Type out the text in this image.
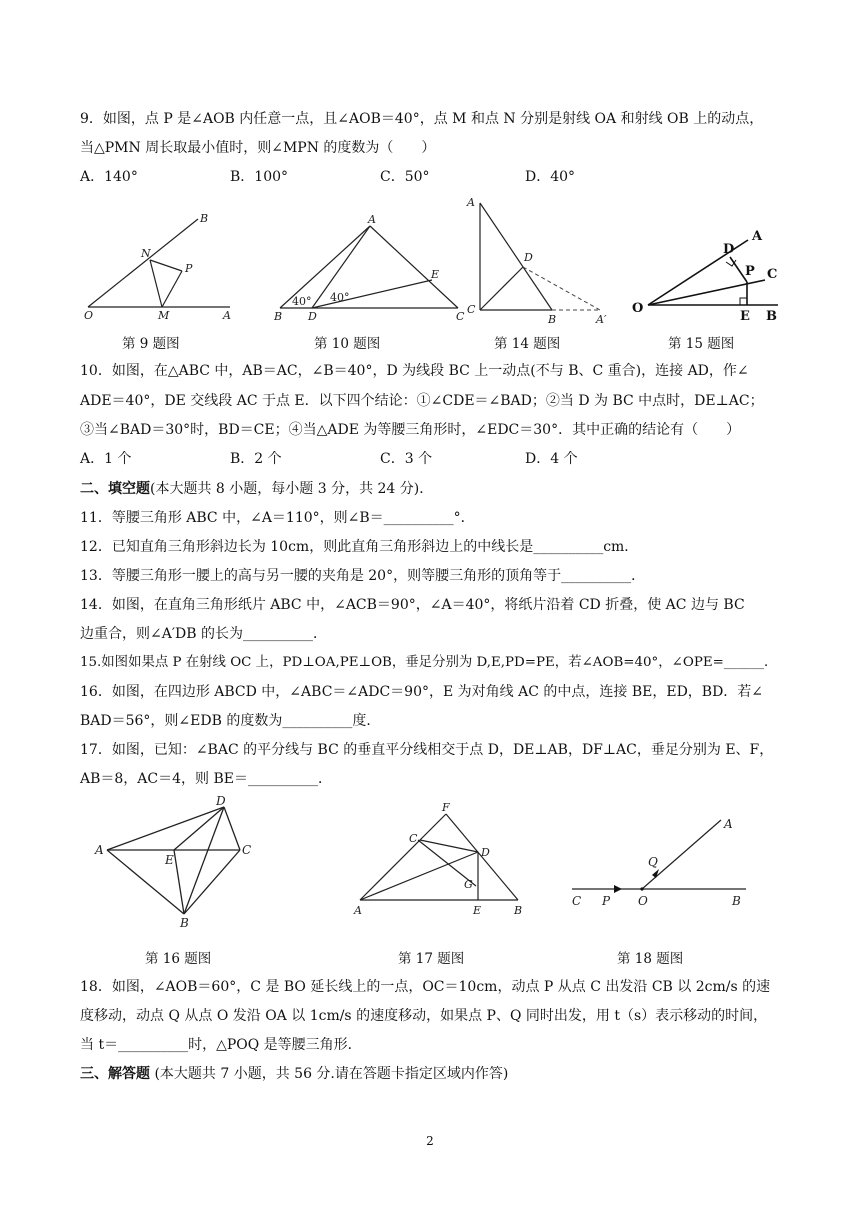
9．如图，点 P 是∠AOB 内任意一点，且∠AOB＝40°，点 M 和点 N 分别是射线 OA 和射线 OB 上的动点，
当△PMN 周长取最小值时，则∠MPN 的度数为（　　）
A．140°	B．100°	C．50°	D．40°
B
N
P
O	M	A
A
E
40° 40°
B D	C
A
D
C
B	A′
A
D
P C
O
E B
第 9 题图	第 10 题图	第 14 题图	第 15 题图
10．如图，在△ABC 中，AB＝AC，∠B＝40°，D 为线段 BC 上一动点(不与 B、C 重合)，连接 AD，作∠
ADE＝40°，DE 交线段 AC 于点 E．以下四个结论：①∠CDE＝∠BAD；②当 D 为 BC 中点时，DE⊥AC；
③当∠BAD＝30°时，BD＝CE；④当△ADE 为等腰三角形时，∠EDC＝30°．其中正确的结论有（　　）
A．1 个	B．2 个	C．3 个	D．4 个
二、填空题(本大题共 8 小题，每小题 3 分，共 24 分)．
11．等腰三角形 ABC 中，∠A＝110°，则∠B＝__________°．
12．已知直角三角形斜边长为 10cm，则此直角三角形斜边上的中线长是__________cm．
13．等腰三角形一腰上的高与另一腰的夹角是 20°，则等腰三角形的顶角等于__________．
14．如图，在直角三角形纸片 ABC 中，∠ACB＝90°，∠A＝40°，将纸片沿着 CD 折叠，使 AC 边与 BC
边重合，则∠A′DB 的长为__________．
15.如图如果点 P 在射线 OC 上，PD⊥OA,PE⊥OB，垂足分别为 D,E,PD=PE，若∠AOB=40°，∠OPE=______．
16．如图，在四边形 ABCD 中，∠ABC＝∠ADC＝90°，E 为对角线 AC 的中点，连接 BE，ED，BD．若∠
BAD＝56°，则∠EDB 的度数为__________度．
17．如图，已知：∠BAC 的平分线与 BC 的垂直平分线相交于点 D，DE⊥AB，DF⊥AC，垂足分别为 E、F，
AB＝8，AC＝4，则 BE＝__________．
D
A
E
C
B
F
C
D
G
A	E	B
A
Q
C P O	B
第 16 题图	第 17 题图	第 18 题图
18．如图，∠AOB＝60°，C 是 BO 延长线上的一点，OC＝10cm，动点 P 从点 C 出发沿 CB 以 2cm/s 的速
度移动，动点 Q 从点 O 发沿 OA 以 1cm/s 的速度移动，如果点 P、Q 同时出发，用 t（s）表示移动的时间，
当 t＝__________时，△POQ 是等腰三角形．
三、解答题 (本大题共 7 小题，共 56 分.请在答题卡指定区域内作答)
2
